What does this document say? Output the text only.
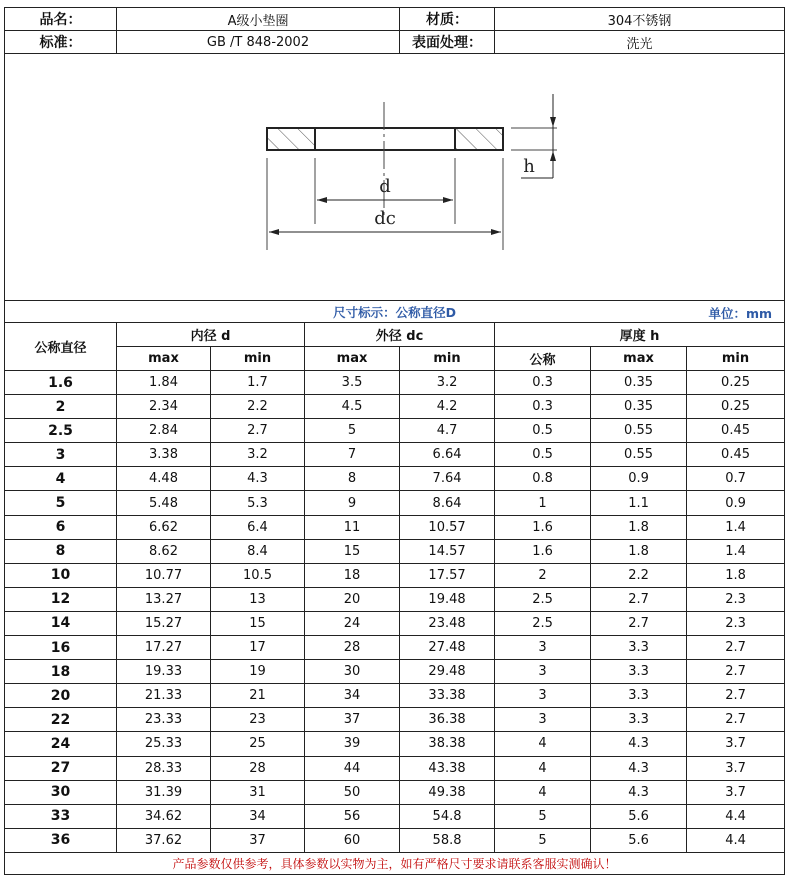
品名：	A级小垫圈			材质：	304不锈钢		
标准：	GB /T 848-2002			表面处理：	洗光		

d
dc
h							

尺寸标示：公称直径D 单位：mm							

公称直径	内径 d		外径 dc		厚度 h		
	max	min	max	min	公称	max	min
1.6	1.84	1.7	3.5	3.2	0.3	0.35	0.25
2	2.34	2.2	4.5	4.2	0.3	0.35	0.25
2.5	2.84	2.7	5	4.7	0.5	0.55	0.45
3	3.38	3.2	7	6.64	0.5	0.55	0.45
4	4.48	4.3	8	7.64	0.8	0.9	0.7
5	5.48	5.3	9	8.64	1	1.1	0.9
6	6.62	6.4	11	10.57	1.6	1.8	1.4
8	8.62	8.4	15	14.57	1.6	1.8	1.4
10	10.77	10.5	18	17.57	2	2.2	1.8
12	13.27	13	20	19.48	2.5	2.7	2.3
14	15.27	15	24	23.48	2.5	2.7	2.3
16	17.27	17	28	27.48	3	3.3	2.7
18	19.33	19	30	29.48	3	3.3	2.7
20	21.33	21	34	33.38	3	3.3	2.7
22	23.33	23	37	36.38	3	3.3	2.7
24	25.33	25	39	38.38	4	4.3	3.7
27	28.33	28	44	43.38	4	4.3	3.7
30	31.39	31	50	49.38	4	4.3	3.7
33	34.62	34	56	54.8	5	5.6	4.4
36	37.62	37	60	58.8	5	5.6	4.4
产品参数仅供参考，具体参数以实物为主，如有严格尺寸要求请联系客服实测确认！							
